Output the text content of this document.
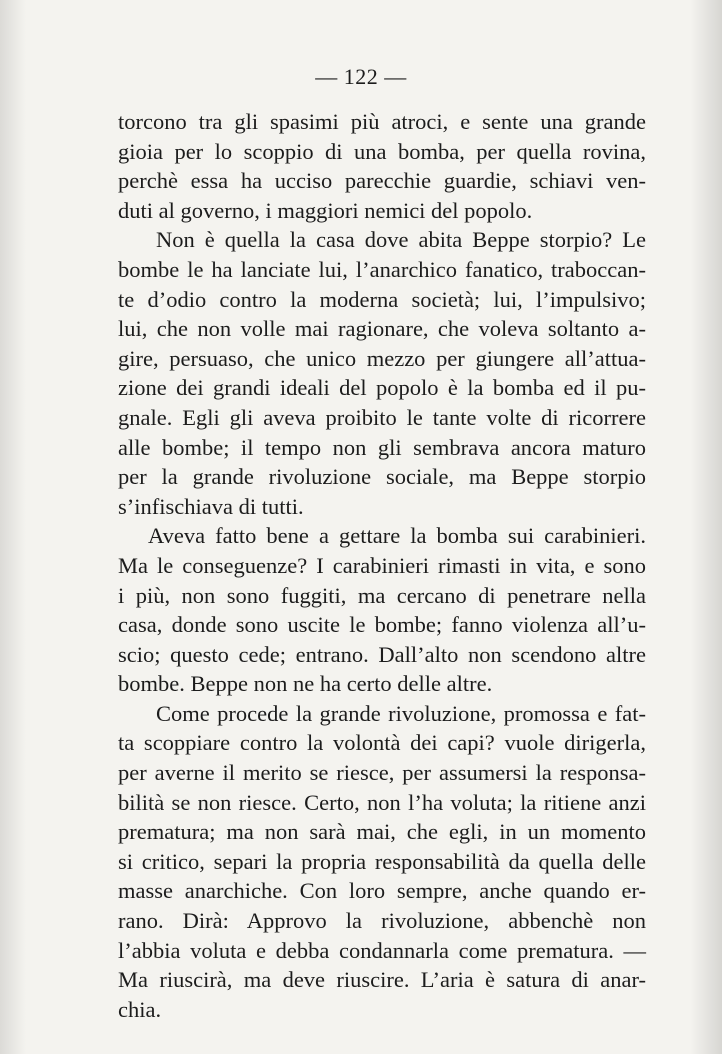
— 122 —
torcono tra gli spasimi più atroci, e sente una grande
gioia per lo scoppio di una bomba, per quella rovina,
perchè essa ha ucciso parecchie guardie, schiavi ven-
duti al governo, i maggiori nemici del popolo.
Non è quella la casa dove abita Beppe storpio? Le
bombe le ha lanciate lui, l’anarchico fanatico, traboccan-
te d’odio contro la moderna società; lui, l’impulsivo;
lui, che non volle mai ragionare, che voleva soltanto a-
gire, persuaso, che unico mezzo per giungere all’attua-
zione dei grandi ideali del popolo è la bomba ed il pu-
gnale. Egli gli aveva proibito le tante volte di ricorrere
alle bombe; il tempo non gli sembrava ancora maturo
per la grande rivoluzione sociale, ma Beppe storpio
s’infischiava di tutti.
Aveva fatto bene a gettare la bomba sui carabinieri.
Ma le conseguenze? I carabinieri rimasti in vita, e sono
i più, non sono fuggiti, ma cercano di penetrare nella
casa, donde sono uscite le bombe; fanno violenza all’u-
scio; questo cede; entrano. Dall’alto non scendono altre
bombe. Beppe non ne ha certo delle altre.
Come procede la grande rivoluzione, promossa e fat-
ta scoppiare contro la volontà dei capi? vuole dirigerla,
per averne il merito se riesce, per assumersi la responsa-
bilità se non riesce. Certo, non l’ha voluta; la ritiene anzi
prematura; ma non sarà mai, che egli, in un momento
si critico, separi la propria responsabilità da quella delle
masse anarchiche. Con loro sempre, anche quando er-
rano. Dirà: Approvo la rivoluzione, abbenchè non
l’abbia voluta e debba condannarla come prematura. —
Ma riuscirà, ma deve riuscire. L’aria è satura di anar-
chia.
